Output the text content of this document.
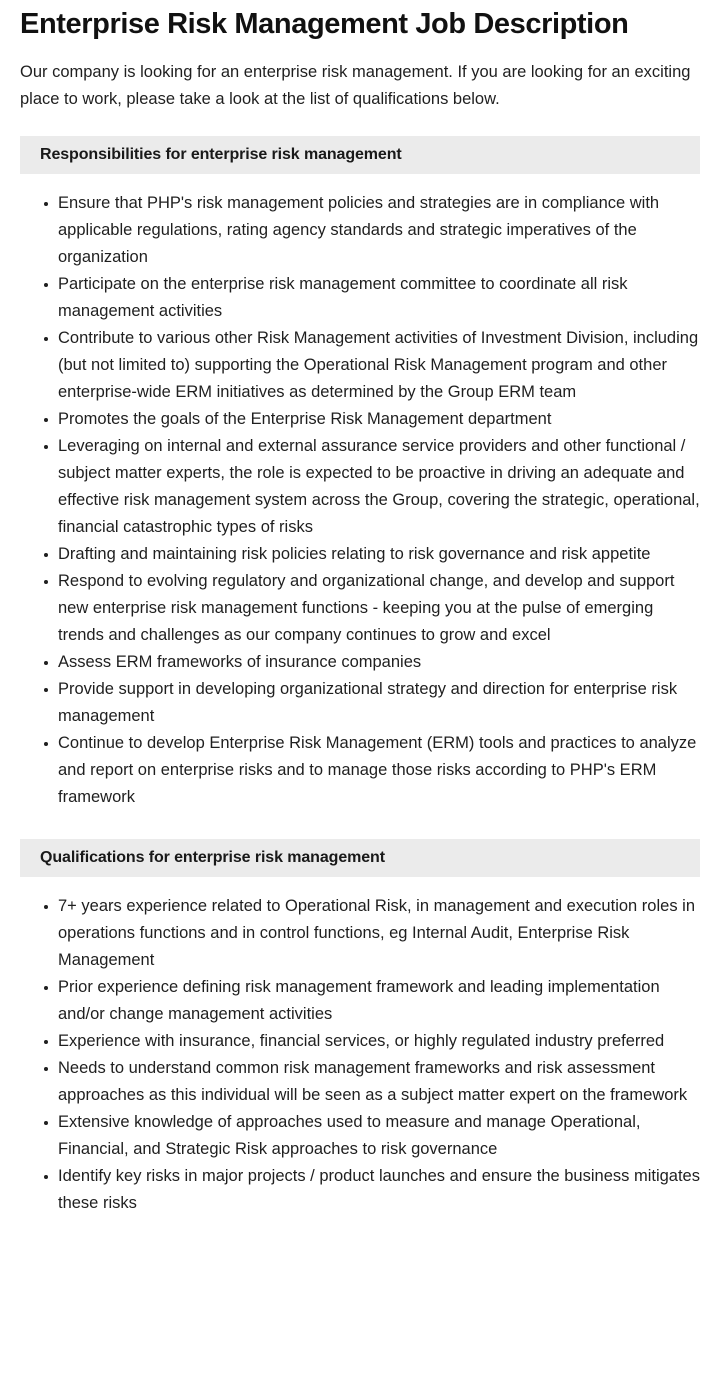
Enterprise Risk Management Job Description

Our company is looking for an enterprise risk management. If you are looking for an exciting place to work, please take a look at the list of qualifications below.

Responsibilities for enterprise risk management
Ensure that PHP's risk management policies and strategies are in compliance with applicable regulations, rating agency standards and strategic imperatives of the organization
Participate on the enterprise risk management committee to coordinate all risk management activities
Contribute to various other Risk Management activities of Investment Division, including (but not limited to) supporting the Operational Risk Management program and other enterprise-wide ERM initiatives as determined by the Group ERM team
Promotes the goals of the Enterprise Risk Management department
Leveraging on internal and external assurance service providers and other functional / subject matter experts, the role is expected to be proactive in driving an adequate and effective risk management system across the Group, covering the strategic, operational, financial catastrophic types of risks
Drafting and maintaining risk policies relating to risk governance and risk appetite
Respond to evolving regulatory and organizational change, and develop and support new enterprise risk management functions - keeping you at the pulse of emerging trends and challenges as our company continues to grow and excel
Assess ERM frameworks of insurance companies
Provide support in developing organizational strategy and direction for enterprise risk management
Continue to develop Enterprise Risk Management (ERM) tools and practices to analyze and report on enterprise risks and to manage those risks according to PHP's ERM framework
Qualifications for enterprise risk management
7+ years experience related to Operational Risk, in management and execution roles in operations functions and in control functions, eg Internal Audit, Enterprise Risk Management
Prior experience defining risk management framework and leading implementation and/or change management activities
Experience with insurance, financial services, or highly regulated industry preferred
Needs to understand common risk management frameworks and risk assessment approaches as this individual will be seen as a subject matter expert on the framework
Extensive knowledge of approaches used to measure and manage Operational, Financial, and Strategic Risk approaches to risk governance
Identify key risks in major projects / product launches and ensure the business mitigates these risks
